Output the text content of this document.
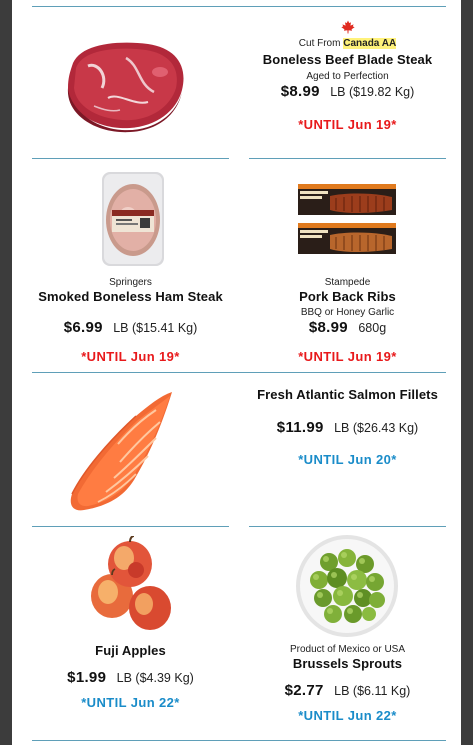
Cut From Canada AA
Boneless Beef Blade Steak
Aged to Perfection
$8.99 LB ($19.82 Kg)
*UNTIL Jun 19*
Springers
Smoked Boneless Ham Steak
$6.99 LB ($15.41 Kg)
*UNTIL Jun 19*
Stampede
Pork Back Ribs
BBQ or Honey Garlic
$8.99 680g
*UNTIL Jun 19*
Fresh Atlantic Salmon Fillets
$11.99 LB ($26.43 Kg)
*UNTIL Jun 20*
Fuji Apples
$1.99 LB ($4.39 Kg)
*UNTIL Jun 22*
Product of Mexico or USA
Brussels Sprouts
$2.77 LB ($6.11 Kg)
*UNTIL Jun 22*
